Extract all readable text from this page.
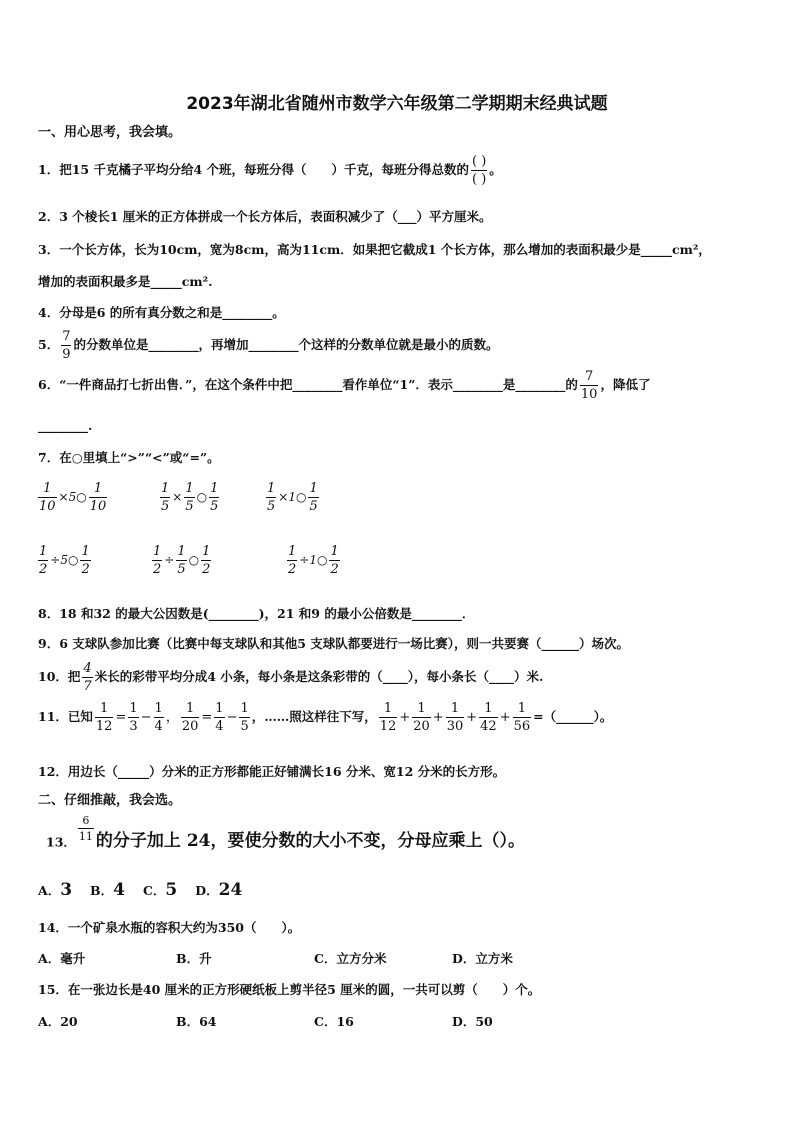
2023年湖北省随州市数学六年级第二学期期末经典试题
一、用心思考，我会填。
1．把15 千克橘子平均分给4 个班，每班分得（　　）千克，每班分得总数的 $\frac{( )}{( )}$ 。
2．3 个棱长1 厘米的正方体拼成一个长方体后，表面积减少了（___）平方厘米。
3．一个长方体，长为10cm，宽为8cm，高为11cm．如果把它截成1 个长方体，那么增加的表面积最少是_____cm²，
增加的表面积最多是_____cm².
4．分母是6 的所有真分数之和是________。
5． $\frac{7}{9}$ 的分数单位是________，再增加________个这样的分数单位就是最小的质数。
6．“一件商品打七折出售．”，在这个条件中把________看作单位“1”．表示________是________的 $\frac{7}{10}$ ，降低了
________.
7．在○里填上“>”“<”或“=”。
$\frac{1}{10}$ ×5○ $\frac{1}{10}$	$\frac{1}{5} \times \frac{1}{5}$ ○ $\frac{1}{5}$	$\frac{1}{5}$ ×1○ $\frac{1}{5}$
$\frac{1}{2}$ ÷5○ $\frac{1}{2}$	$\frac{1}{2} \div \frac{1}{5}$ ○ $\frac{1}{2}$	$\frac{1}{2}$ ÷1○ $\frac{1}{2}$
8．18 和32 的最大公因数是(________)，21 和9 的最小公倍数是________．
9．6 支球队参加比赛（比赛中每支球队和其他5 支球队都要进行一场比赛），则一共要赛（______）场次。
10．把 $\frac{4}{7}$ 米长的彩带平均分成4 小条，每小条是这条彩带的（____），每小条长（____）米.
11．已知 $\frac{1}{12} = \frac{1}{3} - \frac{1}{4}$ ， $\frac{1}{20} = \frac{1}{4} - \frac{1}{5}$ ，……照这样往下写， $\frac{1}{12} + \frac{1}{20} + \frac{1}{30} + \frac{1}{42} + \frac{1}{56}$ =（______）。
12．用边长（_____）分米的正方形都能正好铺满长16 分米、宽12 分米的长方形。
二、仔细推敲，我会选。
13． $\frac{6}{11}$ 的分子加上 24，要使分数的大小不变，分母应乘上（）。
A．3 B．4 C．5 D．24
14．一个矿泉水瓶的容积大约为350（　　）。
A．毫升	B．升	C．立方分米	D．立方米
15．在一张边长是40 厘米的正方形硬纸板上剪半径5 厘米的圆，一共可以剪（　　）个。
A．20	B．64	C．16	D．50
